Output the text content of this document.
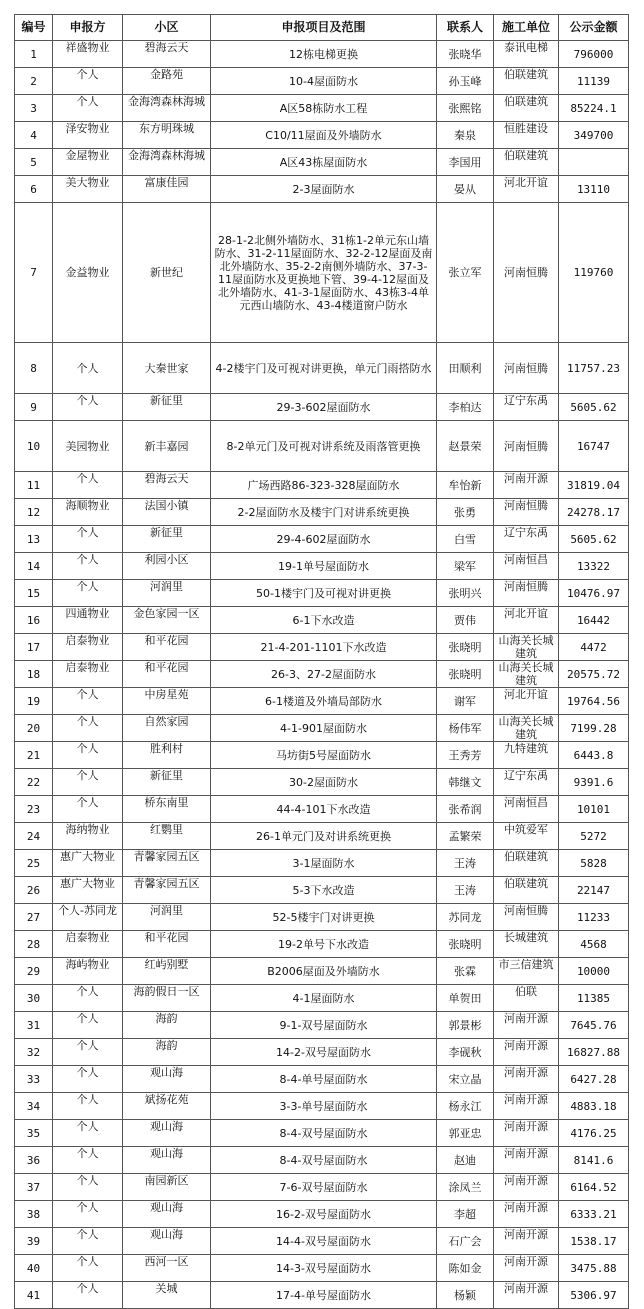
编号	申报方	小区	申报项目及范围	联系人	施工单位	公示金额
1	祥盛物业	碧海云天	12栋电梯更换	张晓华	泰讯电梯	796000
2	个人	金路苑	10-4屋面防水	孙玉峰	伯联建筑	11139
3	个人	金海湾森林海城	A区58栋防水工程	张熙铭	伯联建筑	85224.1
4	泽安物业	东方明珠城	C10/11屋面及外墙防水	秦泉	恒胜建设	349700
5	金屋物业	金海湾森林海城	A区43栋屋面防水	李国用	伯联建筑	

6	美大物业	富康佳园	2-3屋面防水	晏从	河北开谊	13110
7	金益物业	新世纪	28-1-2北侧外墙防水、31栋1-2单元东山墙防水、31-2-11屋面防水、32-2-12屋面及南北外墙防水、35-2-2南侧外墙防水、37-3-11屋面防水及更换地下管、39-4-12屋面及北外墙防水、41-3-1屋面防水、43栋3-4单元西山墙防水、43-4楼道窗户防水	张立军	河南恒腾	119760
8	个人	大秦世家	4-2楼宇门及可视对讲更换，单元门雨搭防水	田顺利	河南恒腾	11757.23
9	个人	新征里	29-3-602屋面防水	李柏达	辽宁东禹	5605.62
10	美园物业	新丰嘉园	8-2单元门及可视对讲系统及雨落管更换	赵景荣	河南恒腾	16747
11	个人	碧海云天	广场西路86-323-328屋面防水	牟怡新	河南开源	31819.04
12	海顺物业	法国小镇	2-2屋面防水及楼宇门对讲系统更换	张勇	河南恒腾	24278.17
13	个人	新征里	29-4-602屋面防水	白雪	辽宁东禹	5605.62
14	个人	利园小区	19-1单号屋面防水	梁军	河南恒昌	13322
15	个人	河润里	50-1楼宇门及可视对讲更换	张明兴	河南恒腾	10476.97
16	四通物业	金色家园一区	6-1下水改造	贾伟	河北开谊	16442
17	启泰物业	和平花园	21-4-201-1101下水改造	张晓明	山海关长城建筑	4472
18	启泰物业	和平花园	26-3、27-2屋面防水	张晓明	山海关长城建筑	20575.72
19	个人	中房星苑	6-1楼道及外墙局部防水	谢军	河北开谊	19764.56
20	个人	自然家园	4-1-901屋面防水	杨伟军	山海关长城建筑	7199.28
21	个人	胜利村	马坊街5号屋面防水	王秀芳	九特建筑	6443.8
22	个人	新征里	30-2屋面防水	韩继文	辽宁东禹	9391.6
23	个人	桥东南里	44-4-101下水改造	张希润	河南恒昌	10101
24	海纳物业	红鹦里	26-1单元门及对讲系统更换	孟繁荣	中筑爱军	5272
25	惠广大物业	青馨家园五区	3-1屋面防水	王涛	伯联建筑	5828
26	惠广大物业	青馨家园五区	5-3下水改造	王涛	伯联建筑	22147
27	个人-苏同龙	河润里	52-5楼宇门对讲更换	苏同龙	河南恒腾	11233
28	启泰物业	和平花园	19-2单号下水改造	张晓明	长城建筑	4568
29	海屿物业	红屿别墅	B2006屋面及外墙防水	张霖	市三信建筑	10000
30	个人	海韵假日一区	4-1屋面防水	单贺田	伯联	11385
31	个人	海韵	9-1-双号屋面防水	郭景彬	河南开源	7645.76
32	个人	海韵	14-2-双号屋面防水	李砚秋	河南开源	16827.88
33	个人	观山海	8-4-单号屋面防水	宋立晶	河南开源	6427.28
34	个人	斌扬花苑	3-3-单号屋面防水	杨永江	河南开源	4883.18
35	个人	观山海	8-4-双号屋面防水	郭亚忠	河南开源	4176.25
36	个人	观山海	8-4-双号屋面防水	赵迪	河南开源	8141.6
37	个人	南园新区	7-6-双号屋面防水	涂凤兰	河南开源	6164.52
38	个人	观山海	16-2-双号屋面防水	李超	河南开源	6333.21
39	个人	观山海	14-4-双号屋面防水	石广会	河南开源	1538.17
40	个人	西河一区	14-3-双号屋面防水	陈如金	河南开源	3475.88
41	个人	关城	17-4-单号屋面防水	杨颖	河南开源	5306.97
